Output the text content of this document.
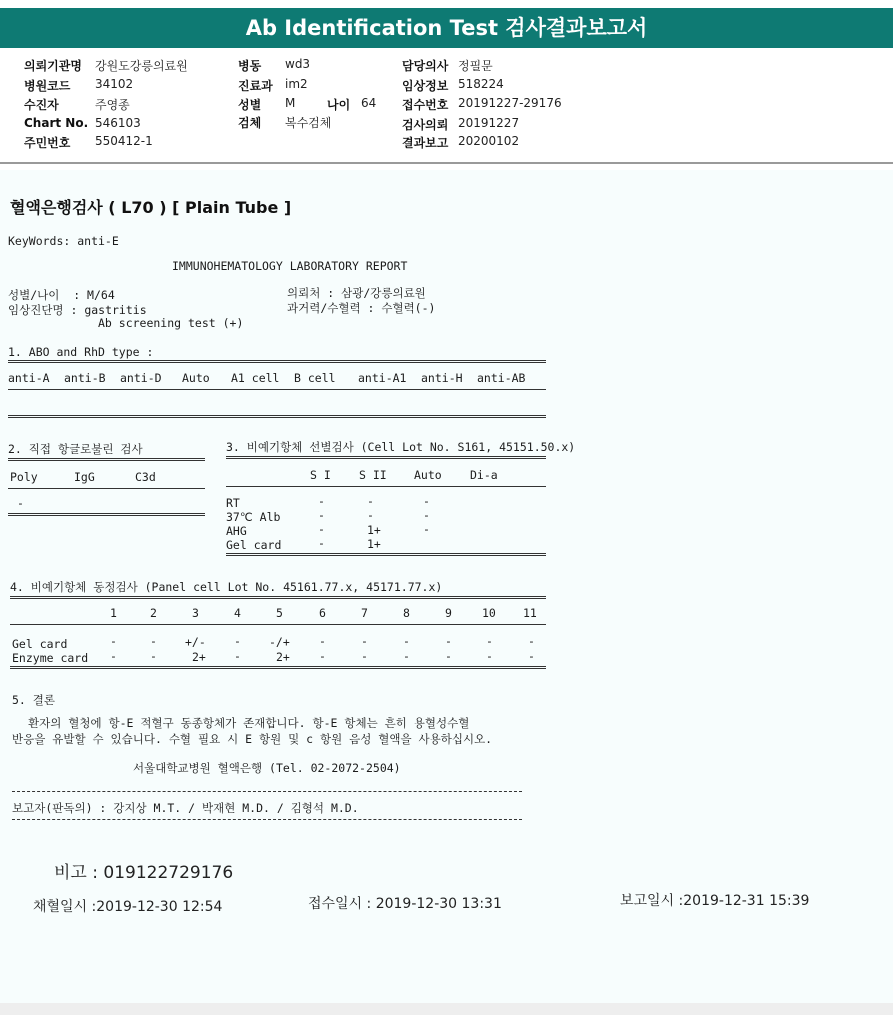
Ab Identification Test 검사결과보고서
의뢰기관명 강원도강릉의료원
병원코드 34102
수진자	주영종
Chart No. 546103
주민번호 550412-1
병동 wd3
진료과 im2
성별 M	나이 64
검체 복수검체
담당의사 정필문
임상정보 518224
접수번호 20191227-29176
검사의뢰 20191227
결과보고 20200102
혈액은행검사 ( L70 ) [ Plain Tube ]
KeyWords: anti-E
IMMUNOHEMATOLOGY LABORATORY REPORT
성별/나이  : M/64
임상진단명 : gastritis
Ab screening test (+)
의뢰처 : 삼광/강릉의료원
과거력/수혈력 : 수혈력(-)
1. ABO and RhD type :
anti-A anti-B anti-D Auto A1 cell B cell anti-A1 anti-H anti-AB
2. 직접 항글로불린 검사
Poly	IgG	C3d
-
3. 비예기항체 선별검사 (Cell Lot No. S161, 45151.50.x)
S I S II Auto Di-a
RT	-	-	-
37℃ Alb	-	-	-
AHG	-	1+	-
Gel card	-	1+
4. 비예기항체 동정검사 (Panel cell Lot No. 45161.77.x, 45171.77.x)
1	2	3	4	5	6	7	8	9	10 11
Gel card	-	- +/- - -/+	-	-	-	-	-	-
Enzyme card -	-	2+ -	2+	-	-	-	-	-	-
5. 결론
환자의 혈청에 항-E 적혈구 동종항체가 존재합니다. 항-E 항체는 흔히 용혈성수혈
반응을 유발할 수 있습니다. 수혈 필요 시 E 항원 및 c 항원 음성 혈액을 사용하십시오.
서울대학교병원 혈액은행 (Tel. 02-2072-2504)
보고자(판독의) : 강지상 M.T. / 박재현 M.D. / 김형석 M.D.
비고 : 019122729176
채혈일시 :2019-12-30 12:54	접수일시 : 2019-12-30 13:31	보고일시 :2019-12-31 15:39
